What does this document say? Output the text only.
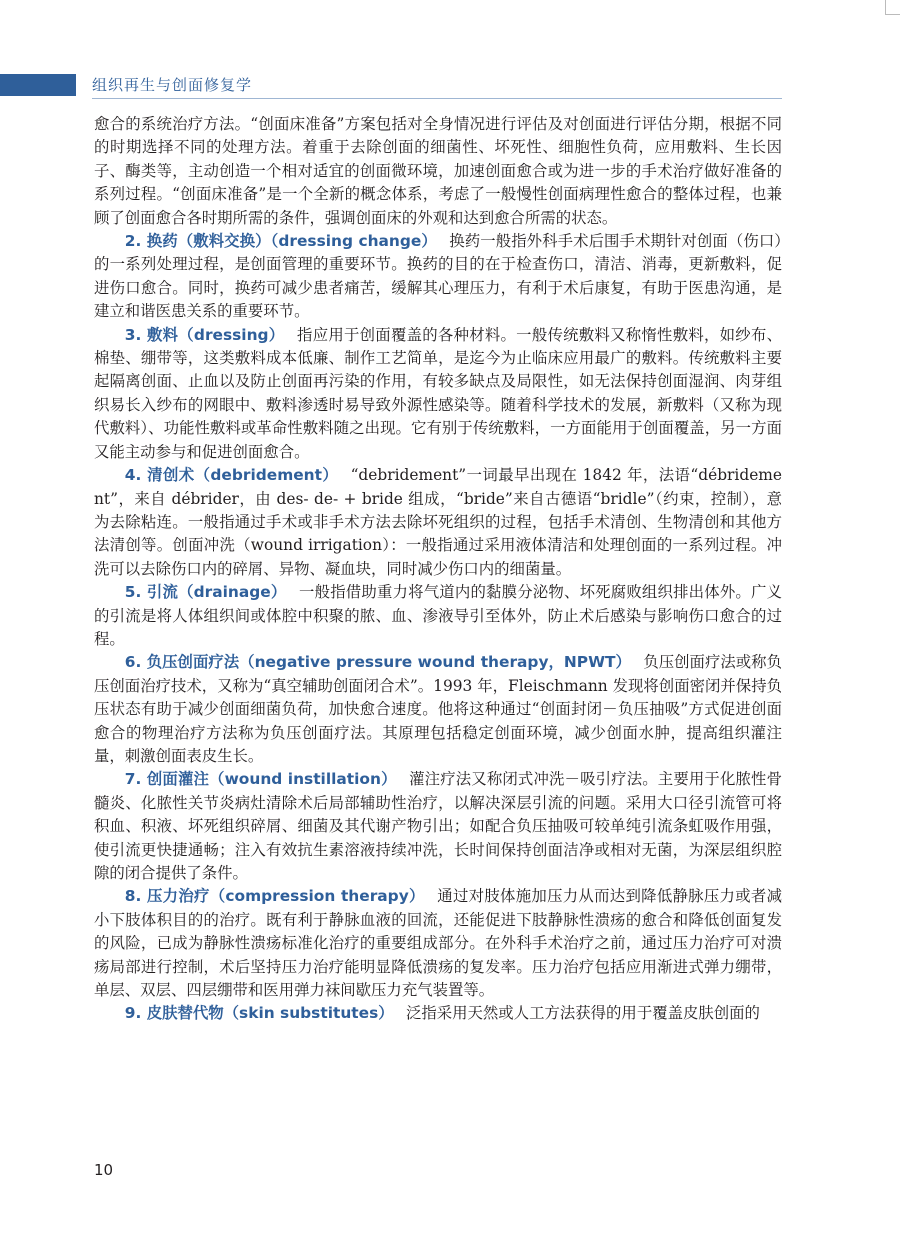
组织再生与创面修复学

愈合的系统治疗方法。“创面床准备”方案包括对全身情况进行评估及对创面进行评估分期，根据不同的时期选择不同的处理方法。着重于去除创面的细菌性、坏死性、细胞性负荷，应用敷料、生长因子、酶类等，主动创造一个相对适宜的创面微环境，加速创面愈合或为进一步的手术治疗做好准备的系列过程。“创面床准备”是一个全新的概念体系，考虑了一般慢性创面病理性愈合的整体过程，也兼顾了创面愈合各时期所需的条件，强调创面床的外观和达到愈合所需的状态。

2. 换药（敷料交换）（dressing change） 换药一般指外科手术后围手术期针对创面（伤口）的一系列处理过程，是创面管理的重要环节。换药的目的在于检查伤口，清洁、消毒，更新敷料，促进伤口愈合。同时，换药可减少患者痛苦，缓解其心理压力，有利于术后康复，有助于医患沟通，是建立和谐医患关系的重要环节。

3. 敷料（dressing） 指应用于创面覆盖的各种材料。一般传统敷料又称惰性敷料，如纱布、棉垫、绷带等，这类敷料成本低廉、制作工艺简单，是迄今为止临床应用最广的敷料。传统敷料主要起隔离创面、止血以及防止创面再污染的作用，有较多缺点及局限性，如无法保持创面湿润、肉芽组织易长入纱布的网眼中、敷料渗透时易导致外源性感染等。随着科学技术的发展，新敷料（又称为现代敷料）、功能性敷料或革命性敷料随之出现。它有别于传统敷料，一方面能用于创面覆盖，另一方面又能主动参与和促进创面愈合。

4. 清创术（debridement） “debridement”一词最早出现在 1842 年，法语“débridement”，来自 débrider，由 des- de- + bride 组成，“bride”来自古德语“bridle”（约束，控制），意为去除粘连。一般指通过手术或非手术方法去除坏死组织的过程，包括手术清创、生物清创和其他方法清创等。创面冲洗（wound irrigation）：一般指通过采用液体清洁和处理创面的一系列过程。冲洗可以去除伤口内的碎屑、异物、凝血块，同时减少伤口内的细菌量。

5. 引流（drainage） 一般指借助重力将气道内的黏膜分泌物、坏死腐败组织排出体外。广义的引流是将人体组织间或体腔中积聚的脓、血、渗液导引至体外，防止术后感染与影响伤口愈合的过程。

6. 负压创面疗法（negative pressure wound therapy，NPWT） 负压创面疗法或称负压创面治疗技术，又称为“真空辅助创面闭合术”。1993 年，Fleischmann 发现将创面密闭并保持负压状态有助于减少创面细菌负荷，加快愈合速度。他将这种通过“创面封闭－负压抽吸”方式促进创面愈合的物理治疗方法称为负压创面疗法。其原理包括稳定创面环境，减少创面水肿，提高组织灌注量，刺激创面表皮生长。

7. 创面灌注（wound instillation） 灌注疗法又称闭式冲洗－吸引疗法。主要用于化脓性骨髓炎、化脓性关节炎病灶清除术后局部辅助性治疗，以解决深层引流的问题。采用大口径引流管可将积血、积液、坏死组织碎屑、细菌及其代谢产物引出；如配合负压抽吸可较单纯引流条虹吸作用强，使引流更快捷通畅；注入有效抗生素溶液持续冲洗，长时间保持创面洁净或相对无菌，为深层组织腔隙的闭合提供了条件。

8. 压力治疗（compression therapy） 通过对肢体施加压力从而达到降低静脉压力或者减小下肢体积目的的治疗。既有利于静脉血液的回流，还能促进下肢静脉性溃疡的愈合和降低创面复发的风险，已成为静脉性溃疡标准化治疗的重要组成部分。在外科手术治疗之前，通过压力治疗可对溃疡局部进行控制，术后坚持压力治疗能明显降低溃疡的复发率。压力治疗包括应用渐进式弹力绷带，单层、双层、四层绷带和医用弹力袜间歇压力充气装置等。

9. 皮肤替代物（skin substitutes） 泛指采用天然或人工方法获得的用于覆盖皮肤创面的

10
